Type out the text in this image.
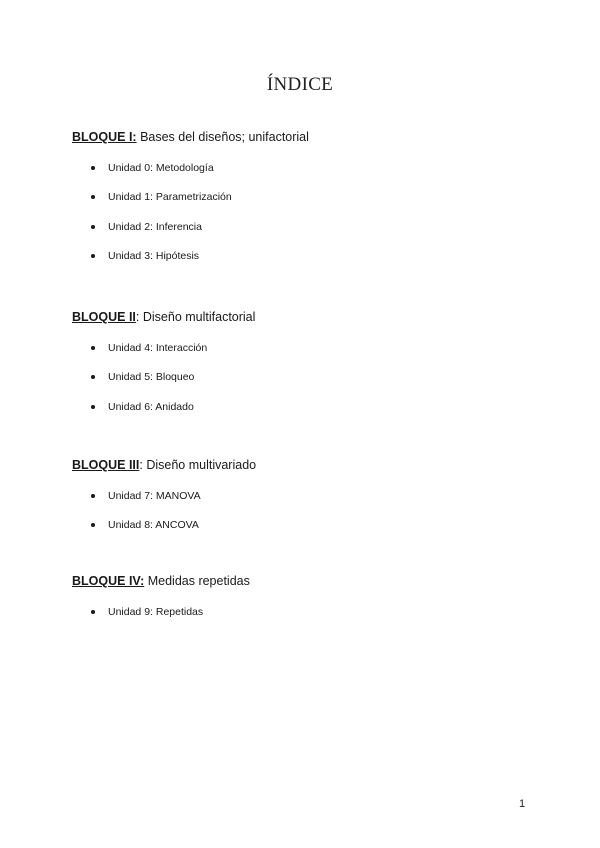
ÍNDICE

BLOQUE I: Bases del diseños; unifactorial

Unidad 0: Metodología
Unidad 1: Parametrización
Unidad 2: Inferencia
Unidad 3: Hipótesis

BLOQUE II: Diseño multifactorial

Unidad 4: Interacción
Unidad 5: Bloqueo
Unidad 6: Anidado

BLOQUE III: Diseño multivariado

Unidad 7: MANOVA
Unidad 8: ANCOVA

BLOQUE IV: Medidas repetidas

Unidad 9: Repetidas
1
